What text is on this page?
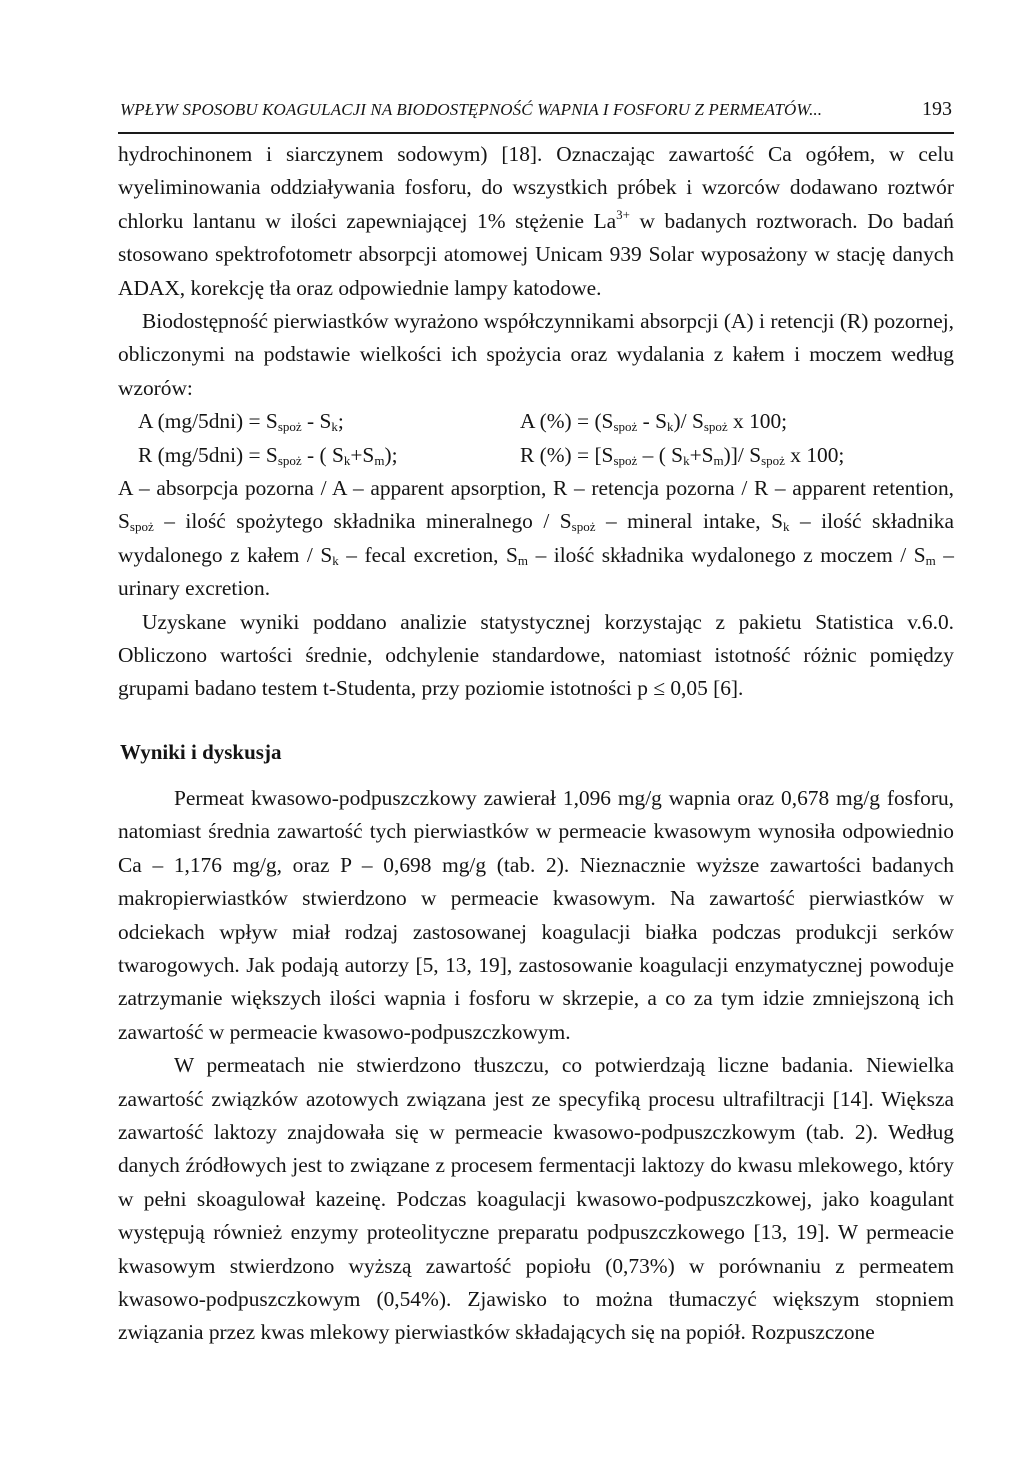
WPŁYW SPOSOBU KOAGULACJI NA BIODOSTĘPNOŚĆ WAPNIA I FOSFORU Z PERMEATÓW...	193

hydrochinonem i siarczynem sodowym) [18]. Oznaczając zawartość Ca ogółem, w celu wyeliminowania oddziaływania fosforu, do wszystkich próbek i wzorców dodawano roztwór chlorku lantanu w ilości zapewniającej 1% stężenie $La^{3+}$ w badanych roztworach. Do badań stosowano spektrofotometr absorpcji atomowej Unicam 939 Solar wyposażony w stację danych ADAX, korekcję tła oraz odpowiednie lampy katodowe.

Biodostępność pierwiastków wyrażono współczynnikami absorpcji (A) i retencji (R) pozornej, obliczonymi na podstawie wielkości ich spożycia oraz wydalania z kałem i moczem według wzorów:

A $(mg/5dni) = S_{spoż} - S_k$;	A (%) = $(S_{spoż} - S_k)/$ $S_{spoż}$ x 100;
R $(mg/5dni) = S_{spoż}$ - ( $S_k+S_m$);	R (%) = [$S_{spoż}$ – ( $S_k+S_m)]/$ $S_{spoż}$ x 100;

A – absorpcja pozorna / A – apparent apsorption, R – retencja pozorna / R – apparent retention, $S_{spoż}$ – ilość spożytego składnika mineralnego / $S_{spoż}$ – mineral intake, $S_k$ – ilość składnika wydalonego z kałem / $S_k$ – fecal excretion, $S_m$ – ilość składnika wydalonego z moczem / $S_m$ – urinary excretion.

Uzyskane wyniki poddano analizie statystycznej korzystając z pakietu Statistica v.6.0. Obliczono wartości średnie, odchylenie standardowe, natomiast istotność różnic pomiędzy grupami badano testem t-Studenta, przy poziomie istotności p ≤ 0,05 [6].

Wyniki i dyskusja

Permeat kwasowo-podpuszczkowy zawierał 1,096 mg/g wapnia oraz 0,678 mg/g fosforu, natomiast średnia zawartość tych pierwiastków w permeacie kwasowym wynosiła odpowiednio Ca – 1,176 mg/g, oraz P – 0,698 mg/g (tab. 2). Nieznacznie wyższe zawartości badanych makropierwiastków stwierdzono w permeacie kwasowym. Na zawartość pierwiastków w odciekach wpływ miał rodzaj zastosowanej koagulacji białka podczas produkcji serków twarogowych. Jak podają autorzy [5, 13, 19], zastosowanie koagulacji enzymatycznej powoduje zatrzymanie większych ilości wapnia i fosforu w skrzepie, a co za tym idzie zmniejszoną ich zawartość w permeacie kwasowo-podpuszczkowym.

W permeatach nie stwierdzono tłuszczu, co potwierdzają liczne badania. Niewielka zawartość związków azotowych związana jest ze specyfiką procesu ultrafiltracji [14]. Większa zawartość laktozy znajdowała się w permeacie kwasowo-podpuszczkowym (tab. 2). Według danych źródłowych jest to związane z procesem fermentacji laktozy do kwasu mlekowego, który w pełni skoagulował kazeinę. Podczas koagulacji kwasowo-podpuszczkowej, jako koagulant występują również enzymy proteolityczne preparatu podpuszczkowego [13, 19]. W permeacie kwasowym stwierdzono wyższą zawartość popiołu (0,73%) w porównaniu z permeatem kwasowo-podpuszczkowym (0,54%). Zjawisko to można tłumaczyć większym stopniem związania przez kwas mlekowy pierwiastków składających się na popiół. Rozpuszczone
